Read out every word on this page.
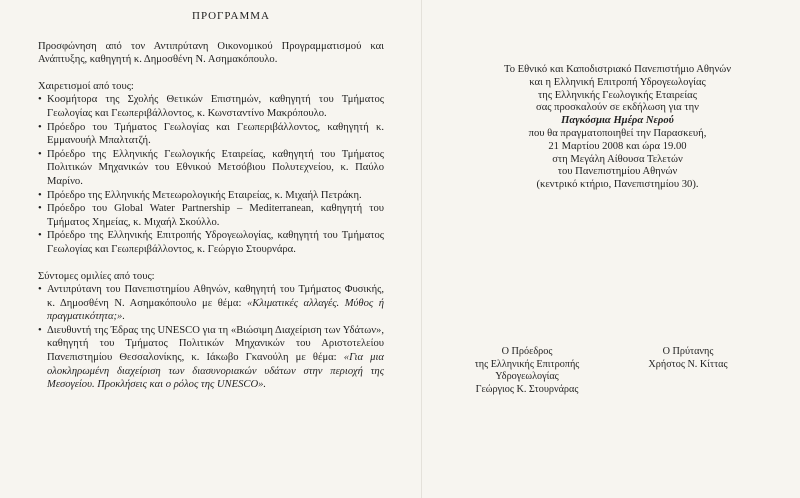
ΠΡΟΓΡΑΜΜΑ

Προσφώνηση από τον Αντιπρύτανη Οικονομικού Προγραμματισμού και Ανάπτυξης, καθηγητή κ. Δημοσθένη Ν. Ασημακόπουλο.

Χαιρετισμοί από τους:
• Κοσμήτορα της Σχολής Θετικών Επιστημών, καθηγητή του Τμήματος Γεωλογίας και Γεωπεριβάλλοντος, κ. Κωνσταντίνο Μακρόπουλο.
• Πρόεδρο του Τμήματος Γεωλογίας και Γεωπεριβάλλοντος, καθηγητή κ. Εμμανουήλ Μπαλτατζή.
• Πρόεδρο της Ελληνικής Γεωλογικής Εταιρείας, καθηγητή του Τμήματος Πολιτικών Μηχανικών του Εθνικού Μετσόβιου Πολυτεχνείου, κ. Παύλο Μαρίνο.
• Πρόεδρο της Ελληνικής Μετεωρολογικής Εταιρείας, κ. Μιχαήλ Πετράκη.
• Πρόεδρο του Global Water Partnership – Mediterranean, καθηγητή του Τμήματος Χημείας, κ. Μιχαήλ Σκούλλο.
• Πρόεδρο της Ελληνικής Επιτροπής Υδρογεωλογίας, καθηγητή του Τμήματος Γεωλογίας και Γεωπεριβάλλοντος, κ. Γεώργιο Στουρνάρα.
Σύντομες ομιλίες από τους:
• Αντιπρύτανη του Πανεπιστημίου Αθηνών, καθηγητή του Τμήματος Φυσικής, κ. Δημοσθένη Ν. Ασημακόπουλο με θέμα: «Κλιματικές αλλαγές. Μύθος ή πραγματικότητα;».
• Διευθυντή της Έδρας της UNESCO για τη «Βιώσιμη Διαχείριση των Υδάτων», καθηγητή του Τμήματος Πολιτικών Μηχανικών του Αριστοτελείου Πανεπιστημίου Θεσσαλονίκης, κ. Ιάκωβο Γκανούλη με θέμα: «Για μια ολοκληρωμένη διαχείριση των διασυνοριακών υδάτων στην περιοχή της Μεσογείου. Προκλήσεις και ο ρόλος της UNESCO».
Το Εθνικό και Καποδιστριακό Πανεπιστήμιο Αθηνών
και η Ελληνική Επιτροπή Υδρογεωλογίας
της Ελληνικής Γεωλογικής Εταιρείας
σας προσκαλούν σε εκδήλωση για την
Παγκόσμια Ημέρα Νερού
που θα πραγματοποιηθεί την Παρασκευή,
21 Μαρτίου 2008 και ώρα 19.00
στη Μεγάλη Αίθουσα Τελετών
του Πανεπιστημίου Αθηνών
(κεντρικό κτήριο, Πανεπιστημίου 30).
Ο Πρόεδρος
της Ελληνικής Επιτροπής
Υδρογεωλογίας
Γεώργιος Κ. Στουρνάρας
Ο Πρύτανης
Χρήστος Ν. Κίττας
